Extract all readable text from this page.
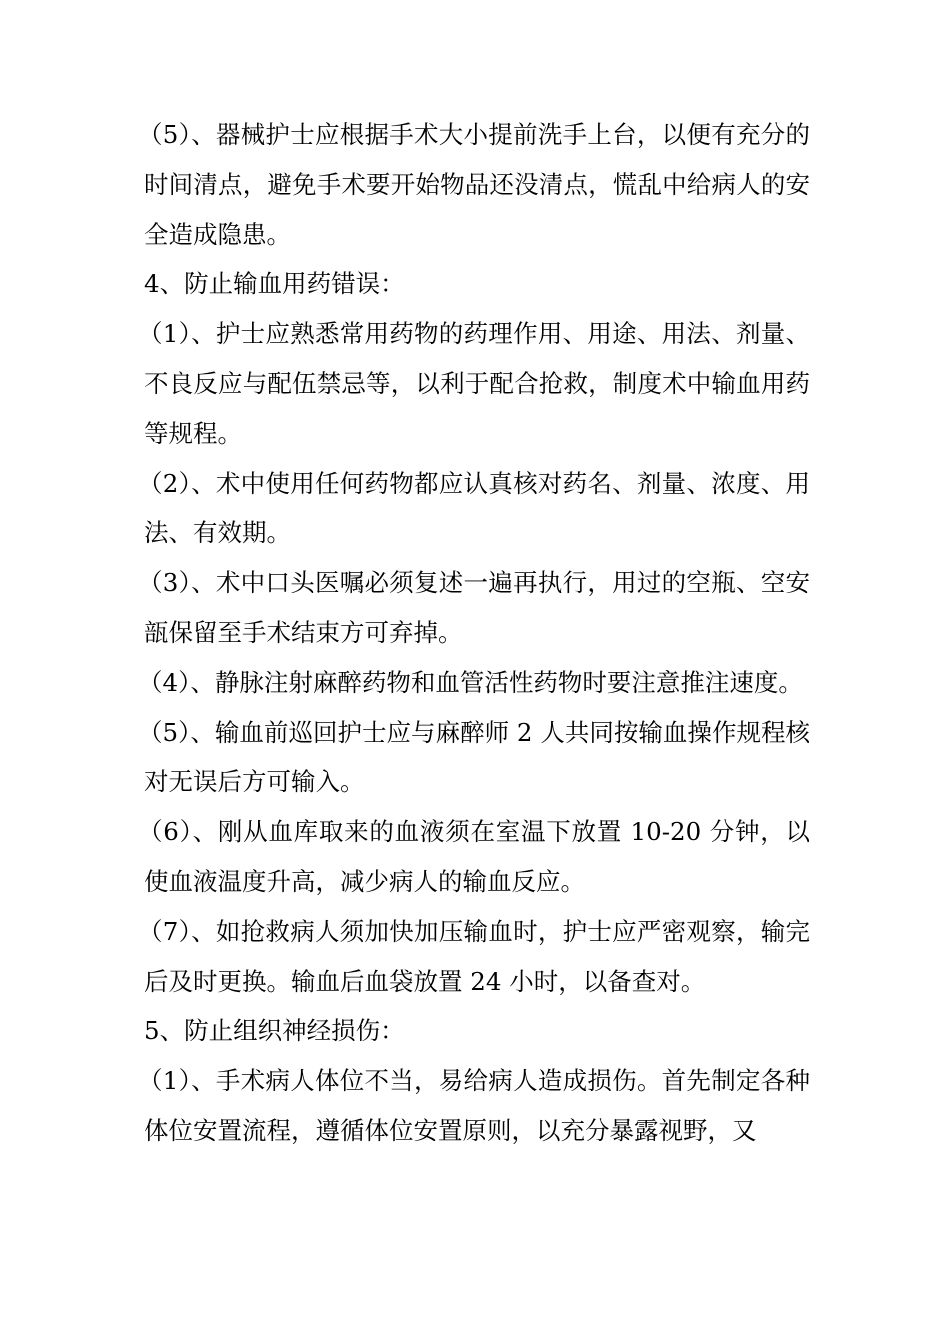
（5）、器械护士应根据手术大小提前洗手上台，以便有充分的时间清点，避免手术要开始物品还没清点，慌乱中给病人的安全造成隐患。

4、防止输血用药错误：

（1）、护士应熟悉常用药物的药理作用、用途、用法、剂量、不良反应与配伍禁忌等，以利于配合抢救，制度术中输血用药等规程。

（2）、术中使用任何药物都应认真核对药名、剂量、浓度、用法、有效期。

（3）、术中口头医嘱必须复述一遍再执行，用过的空瓶、空安瓿保留至手术结束方可弃掉。

（4）、静脉注射麻醉药物和血管活性药物时要注意推注速度。

（5）、输血前巡回护士应与麻醉师 2 人共同按输血操作规程核对无误后方可输入。

（6）、刚从血库取来的血液须在室温下放置 10-20 分钟，以使血液温度升高，减少病人的输血反应。

（7）、如抢救病人须加快加压输血时，护士应严密观察，输完后及时更换。输血后血袋放置 24 小时，以备查对。

5、防止组织神经损伤：

（1）、手术病人体位不当，易给病人造成损伤。首先制定各种体位安置流程，遵循体位安置原则，以充分暴露视野，又
